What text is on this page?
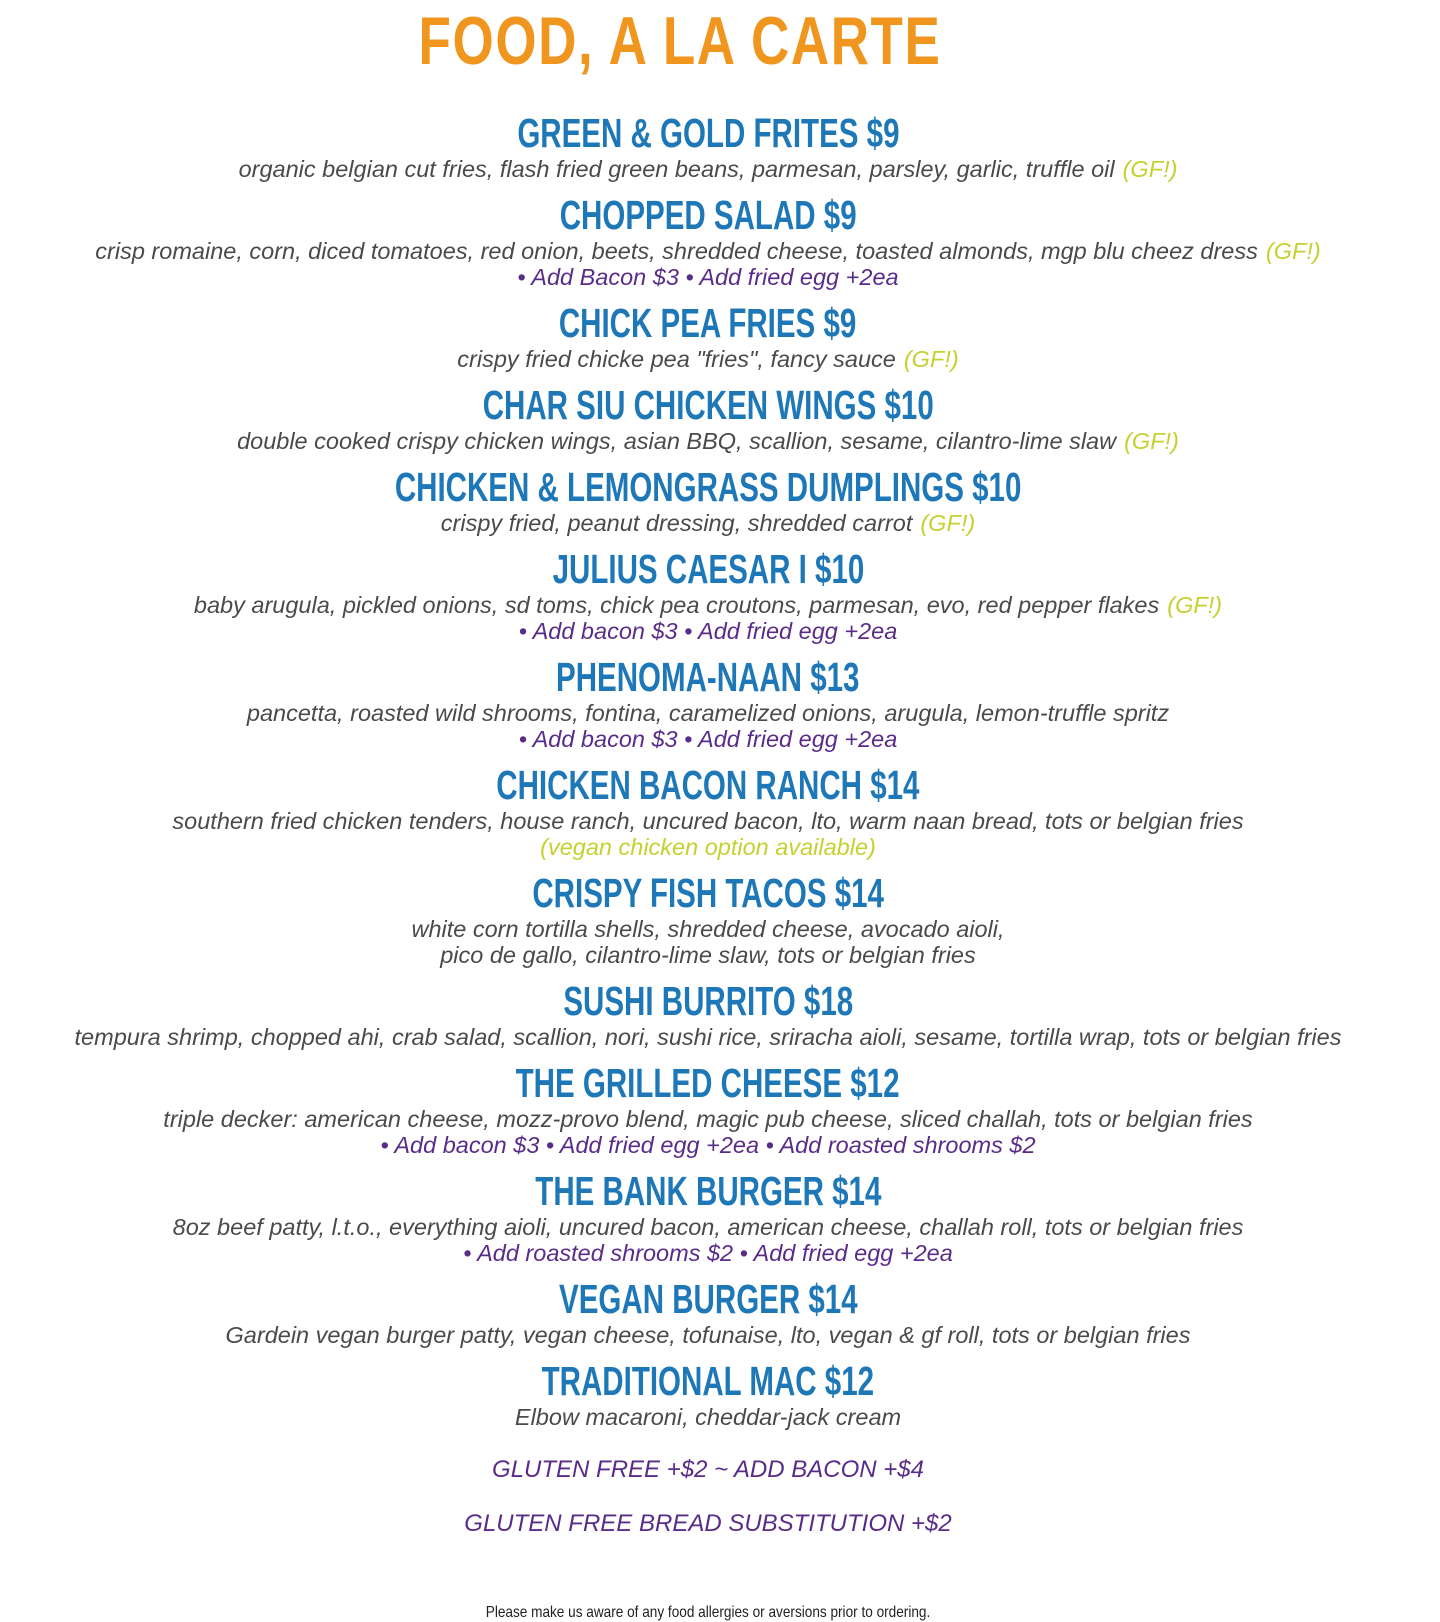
FOOD, A LA CARTE
GREEN & GOLD FRITES $9
organic belgian cut fries, flash fried green beans, parmesan, parsley, garlic, truffle oil (GF!)
CHOPPED SALAD $9
crisp romaine, corn, diced tomatoes, red onion, beets, shredded cheese, toasted almonds, mgp blu cheez dress (GF!)
• Add Bacon $3 • Add fried egg +2ea
CHICK PEA FRIES $9
crispy fried chicke pea "fries", fancy sauce (GF!)
CHAR SIU CHICKEN WINGS $10
double cooked crispy chicken wings, asian BBQ, scallion, sesame, cilantro-lime slaw (GF!)
CHICKEN & LEMONGRASS DUMPLINGS $10
crispy fried, peanut dressing, shredded carrot (GF!)
JULIUS CAESAR I $10
baby arugula, pickled onions, sd toms, chick pea croutons, parmesan, evo, red pepper flakes (GF!)
• Add bacon $3 • Add fried egg +2ea
PHENOMA-NAAN $13
pancetta, roasted wild shrooms, fontina, caramelized onions, arugula, lemon-truffle spritz
• Add bacon $3 • Add fried egg +2ea
CHICKEN BACON RANCH $14
southern fried chicken tenders, house ranch, uncured bacon, lto, warm naan bread, tots or belgian fries
(vegan chicken option available)
CRISPY FISH TACOS $14
white corn tortilla shells, shredded cheese, avocado aioli,
pico de gallo, cilantro-lime slaw, tots or belgian fries
SUSHI BURRITO $18
tempura shrimp, chopped ahi, crab salad, scallion, nori, sushi rice, sriracha aioli, sesame, tortilla wrap, tots or belgian fries
THE GRILLED CHEESE $12
triple decker: american cheese, mozz-provo blend, magic pub cheese, sliced challah, tots or belgian fries
• Add bacon $3 • Add fried egg +2ea • Add roasted shrooms $2
THE BANK BURGER $14
8oz beef patty, l.t.o., everything aioli, uncured bacon, american cheese, challah roll, tots or belgian fries
• Add roasted shrooms $2 • Add fried egg +2ea
VEGAN BURGER $14
Gardein vegan burger patty, vegan cheese, tofunaise, lto, vegan & gf roll, tots or belgian fries
TRADITIONAL MAC $12
Elbow macaroni, cheddar-jack cream
GLUTEN FREE +$2 ~ ADD BACON +$4
GLUTEN FREE BREAD SUBSTITUTION +$2
Please make us aware of any food allergies or aversions prior to ordering.
